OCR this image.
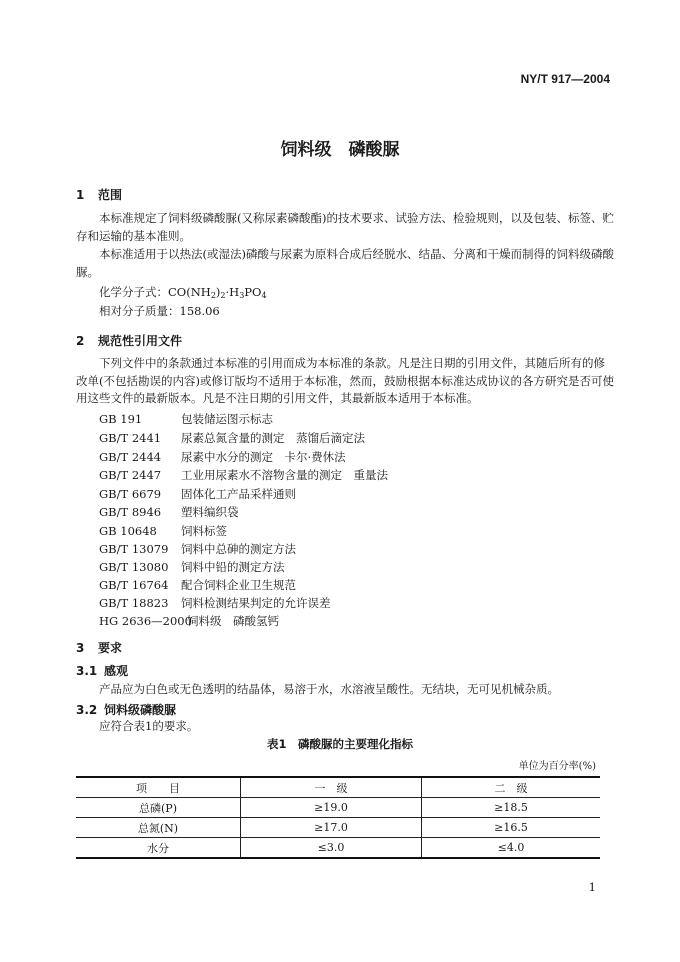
NY/T 917—2004
饲料级　磷酸脲
1 范围
本标准规定了饲料级磷酸脲(又称尿素磷酸酯)的技术要求、试验方法、检验规则，以及包装、标签、贮存和运输的基本准则。
本标准适用于以热法(或湿法)磷酸与尿素为原料合成后经脱水、结晶、分离和干燥而制得的饲料级磷酸脲。
化学分子式：$CO(NH_2)_2\cdot H_3PO_4$
相对分子质量：158.06
2 规范性引用文件
下列文件中的条款通过本标准的引用而成为本标准的条款。凡是注日期的引用文件，其随后所有的修改单(不包括勘误的内容)或修订版均不适用于本标准，然而，鼓励根据本标准达成协议的各方研究是否可使用这些文件的最新版本。凡是不注日期的引用文件，其最新版本适用于本标准。
GB 191	包装储运图示标志
GB/T 2441 尿素总氮含量的测定　蒸馏后滴定法
GB/T 2444 尿素中水分的测定　卡尔·费休法
GB/T 2447 工业用尿素水不溶物含量的测定　重量法
GB/T 6679 固体化工产品采样通则
GB/T 8946 塑料编织袋
GB 10648 饲料标签
GB/T 13079 饲料中总砷的测定方法
GB/T 13080 饲料中铅的测定方法
GB/T 16764 配合饲料企业卫生规范
GB/T 18823 饲料检测结果判定的允许误差
HG 2636—2000饲料级　磷酸氢钙
3 要求
3.1 感观
产品应为白色或无色透明的结晶体，易溶于水，水溶液呈酸性。无结块，无可见机械杂质。
3.2 饲料级磷酸脲
应符合表1的要求。
表1　磷酸脲的主要理化指标
单位为百分率(%)
项　　目	一　级	二　级
总磷(P)	≥19.0	≥18.5
总氮(N)	≥17.0	≥16.5
水分	≤3.0	≤4.0
1
